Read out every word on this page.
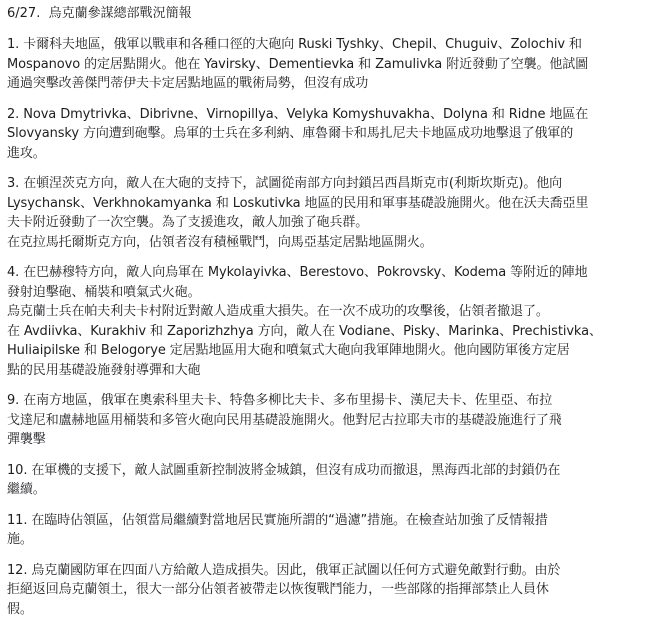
6/27.  烏克蘭參謀總部戰況簡報

1. 卡爾科夫地區，俄軍以戰車和各種口徑的大砲向 Ruski Tyshky、Chepil、Chuguiv、Zolochiv 和
Mospanovo 的定居點開火。他在 Yavirsky、Dementievka 和 Zamulivka 附近發動了空襲。他試圖
通過突擊改善傑門蒂伊夫卡定居點地區的戰術局勢，但沒有成功

2. Nova Dmytrivka、Dibrivne、Virnopillya、Velyka Komyshuvakha、Dolyna 和 Ridne 地區在
Slovyansky 方向遭到砲擊。烏軍的士兵在多利納、庫魯爾卡和馬扎尼夫卡地區成功地擊退了俄軍的
進攻。

3. 在頓涅茨克方向，敵人在大砲的支持下，試圖從南部方向封鎖呂西昌斯克市(利斯坎斯克)。他向
Lysychansk、Verkhnokamyanka 和 Loskutivka 地區的民用和軍事基礎設施開火。他在沃夫喬亞里
夫卡附近發動了一次空襲。為了支援進攻，敵人加強了砲兵群。
在克拉馬托爾斯克方向，佔領者沒有積極戰鬥，向馬亞基定居點地區開火。

4. 在巴赫穆特方向，敵人向烏軍在 Mykolayivka、Berestovo、Pokrovsky、Kodema 等附近的陣地
發射迫擊砲、桶裝和噴氣式火砲。
烏克蘭士兵在帕夫利夫卡村附近對敵人造成重大損失。在一次不成功的攻擊後，佔領者撤退了。
在 Avdiivka、Kurakhiv 和 Zaporizhzhya 方向，敵人在 Vodiane、Pisky、Marinka、Prechistivka、
Huliaipilske 和 Belogorye 定居點地區用大砲和噴氣式大砲向我軍陣地開火。他向國防軍後方定居
點的民用基礎設施發射導彈和大砲

9. 在南方地區，俄軍在奧索科里夫卡、特魯多柳比夫卡、多布里揚卡、漢尼夫卡、佐里亞、布拉
戈達尼和盧赫地區用桶裝和多管火砲向民用基礎設施開火。他對尼古拉耶夫市的基礎設施進行了飛
彈襲擊

10. 在軍機的支援下，敵人試圖重新控制波將金城鎮，但沒有成功而撤退，黑海西北部的封鎖仍在
繼續。

11. 在臨時佔領區，佔領當局繼續對當地居民實施所謂的“過濾”措施。在檢查站加強了反情報措
施。

12. 烏克蘭國防軍在四面八方給敵人造成損失。因此，俄軍正試圖以任何方式避免敵對行動。由於
拒絕返回烏克蘭領土，很大一部分佔領者被帶走以恢復戰鬥能力，一些部隊的指揮部禁止人員休
假。
